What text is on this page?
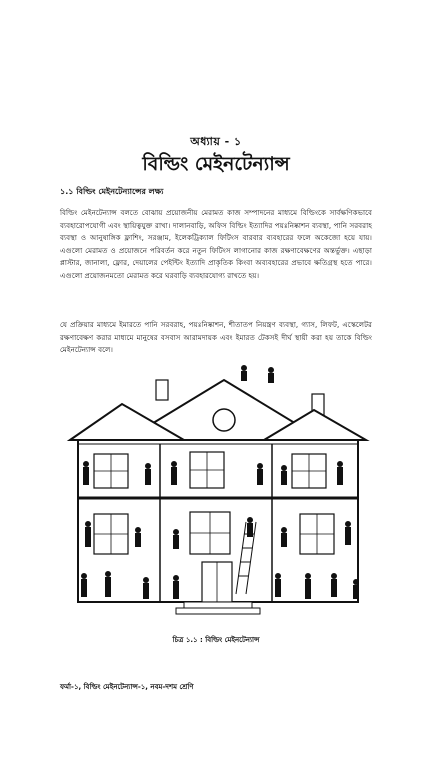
অধ্যায় - ১
বিল্ডিং মেইনটেন্যান্স
১.১ বিল্ডিং মেইনটেন্যান্সের লক্ষ্য
বিল্ডিং মেইনটেন্যান্স বলতে বোঝায় প্রয়োজনীয় মেরামত কাজ সম্পাদনের মাধ্যমে বিল্ডিংকে সার্বক্ষণিকভাবে ব্যবহারোপযোগী এবং স্থায়িত্বযুক্ত রাখা। দালানবাড়ি, অফিস বিল্ডিং ইত্যাদির পয়ঃনিষ্কাশন ব্যবস্থা, পানি সরবরাহ ব্যবস্থা ও আনুষাঙ্গিক ফ্লাশিং, সরঞ্জাম, ইলেকট্রিক্যাল ফিটিংস বারবার ব্যবহারের ফলে অকেজো হয়ে যায়। এগুলো মেরামত ও প্রয়োজনে পরিবর্তন করে নতুন ফিটিংস লাগানোর কাজ রক্ষণাবেক্ষণের অন্তর্ভুক্ত। এছাড়া প্লাস্টার, জানালা, ফ্লোর, দেয়ালের পেইন্টিং ইত্যাদি প্রাকৃতিক কিংবা অব্যবহারের প্রভাবে ক্ষতিগ্রস্থ হতে পারে। এগুলো প্রয়োজনমতো মেরামত করে ঘরবাড়ি ব্যবহারযোগ্য রাখতে হয়।
যে প্রক্রিয়ার মাধ্যমে ইমারতে পানি সরবরাহ, পয়ঃনিষ্কাশন, শীতাতপ নিয়ন্ত্রণ ব্যবস্থা, গ্যাস, লিফট, এস্কেলেটর রক্ষণাবেক্ষণ করার মাধ্যমে মানুষের বসবাস আরামদায়ক এবং ইমারত টেকসই দীর্ঘ স্থায়ী করা হয় তাকে বিল্ডিং মেইনটেন্যান্স বলে।
চিত্র ১.১ : বিল্ডিং মেইনটেন্যান্স
ফর্মা-১, বিল্ডিং মেইনটেন্যান্স-১, নবম-দশম শ্রেণি
